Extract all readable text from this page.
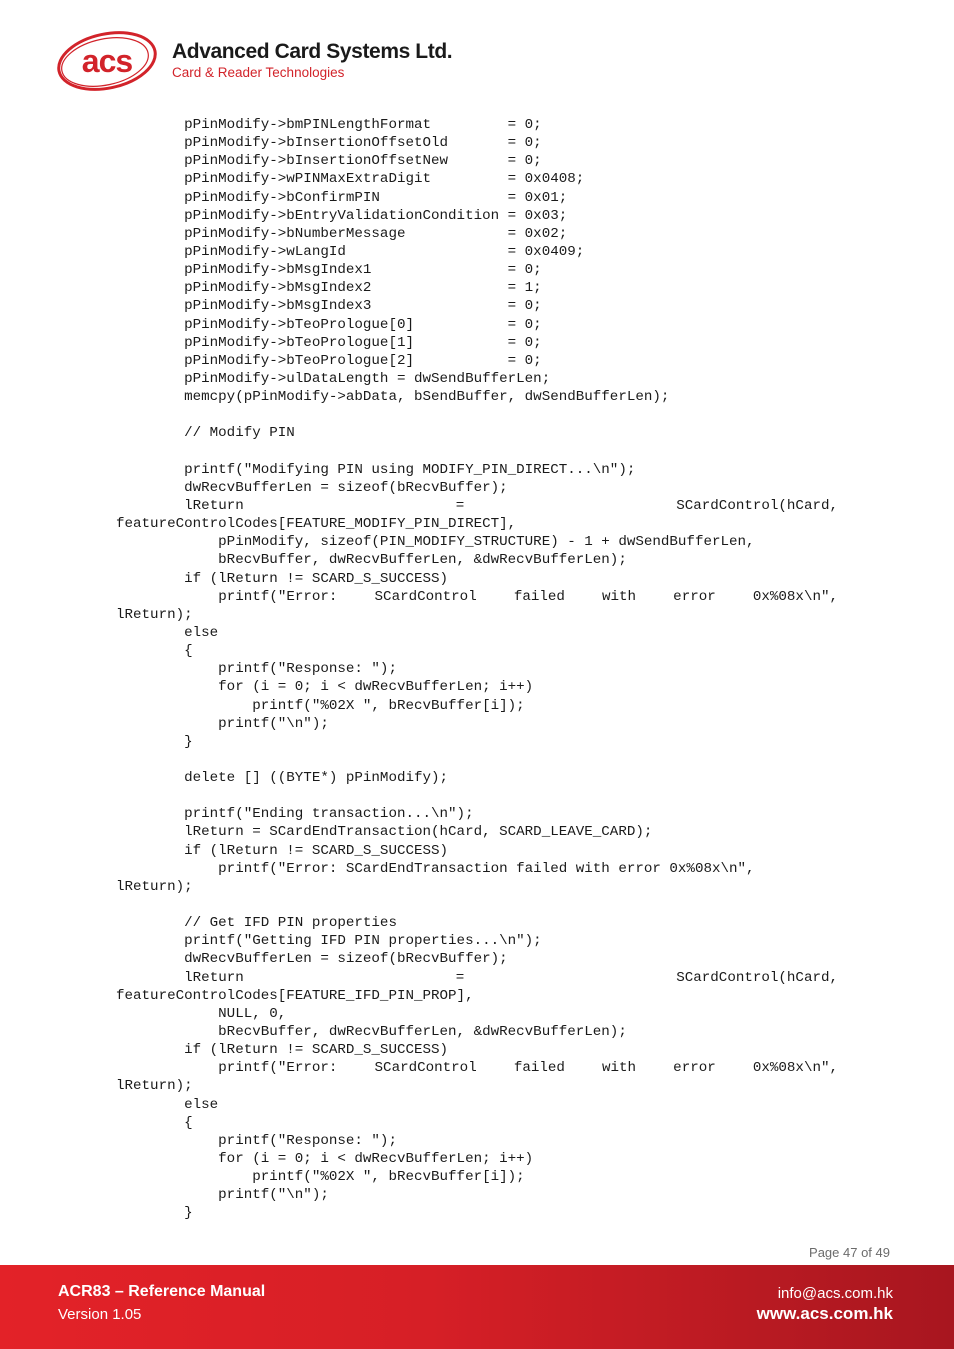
acs Advanced Card Systems Ltd.
Card & Reader Technologies
pPinModify->bmPINLengthFormat         = 0;
pPinModify->bInsertionOffsetOld       = 0;
pPinModify->bInsertionOffsetNew       = 0;
pPinModify->wPINMaxExtraDigit         = 0x0408;
pPinModify->bConfirmPIN               = 0x01;
pPinModify->bEntryValidationCondition = 0x03;
pPinModify->bNumberMessage            = 0x02;
pPinModify->wLangId                   = 0x0409;
pPinModify->bMsgIndex1                = 0;
pPinModify->bMsgIndex2                = 1;
pPinModify->bMsgIndex3                = 0;
pPinModify->bTeoPrologue[0]           = 0;
pPinModify->bTeoPrologue[1]           = 0;
pPinModify->bTeoPrologue[2]           = 0;
pPinModify->ulDataLength = dwSendBufferLen;
memcpy(pPinModify->abData, bSendBuffer, dwSendBufferLen);

// Modify PIN

printf("Modifying PIN using MODIFY_PIN_DIRECT...\n");
dwRecvBufferLen = sizeof(bRecvBuffer);
lReturn = SCardControl(hCard,
featureControlCodes[FEATURE_MODIFY_PIN_DIRECT],
pPinModify, sizeof(PIN_MODIFY_STRUCTURE) - 1 + dwSendBufferLen,
bRecvBuffer, dwRecvBufferLen, &dwRecvBufferLen);
if (lReturn != SCARD_S_SUCCESS)
printf("Error: SCardControl failed with error 0x%08x\n",
lReturn);
else
{
printf("Response: ");
for (i = 0; i < dwRecvBufferLen; i++)
printf("%02X ", bRecvBuffer[i]);
printf("\n");
}

delete [] ((BYTE*) pPinModify);

printf("Ending transaction...\n");
lReturn = SCardEndTransaction(hCard, SCARD_LEAVE_CARD);
if (lReturn != SCARD_S_SUCCESS)
printf("Error: SCardEndTransaction failed with error 0x%08x\n",
lReturn);

// Get IFD PIN properties
printf("Getting IFD PIN properties...\n");
dwRecvBufferLen = sizeof(bRecvBuffer);
lReturn = SCardControl(hCard,
featureControlCodes[FEATURE_IFD_PIN_PROP],
NULL, 0,
bRecvBuffer, dwRecvBufferLen, &dwRecvBufferLen);
if (lReturn != SCARD_S_SUCCESS)
printf("Error: SCardControl failed with error 0x%08x\n",
lReturn);
else
{
printf("Response: ");
for (i = 0; i < dwRecvBufferLen; i++)
printf("%02X ", bRecvBuffer[i]);
printf("\n");
}
Page 47 of 49
ACR83 – Reference Manual
Version 1.05
info@acs.com.hk
www.acs.com.hk
